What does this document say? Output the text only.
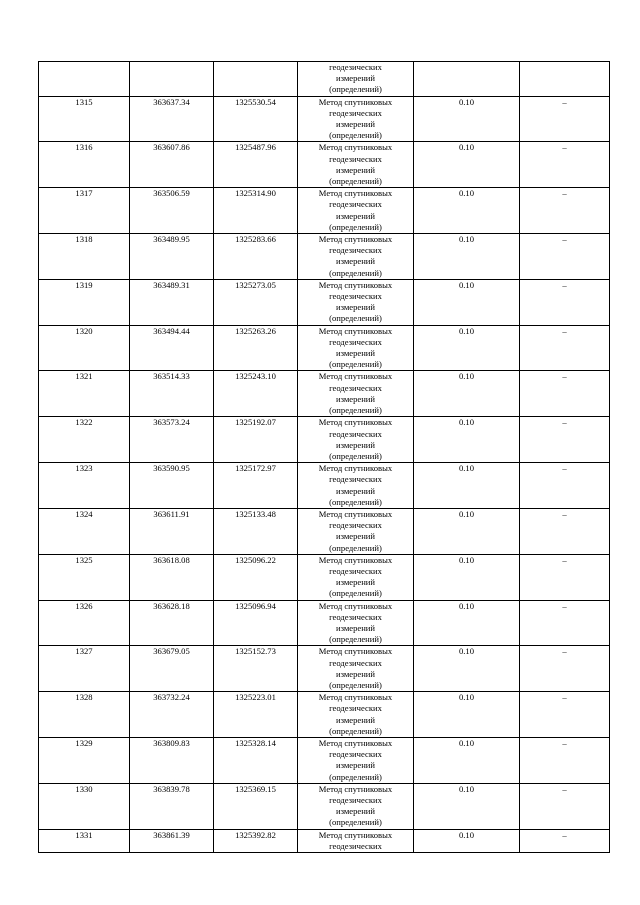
			геодезических
измерений
(определений)		
1315	363637.34	1325530.54	Метод спутниковых
геодезических
измерений
(определений)	0.10	–
1316	363607.86	1325487.96	Метод спутниковых
геодезических
измерений
(определений)	0.10	–
1317	363506.59	1325314.90	Метод спутниковых
геодезических
измерений
(определений)	0.10	–
1318	363489.95	1325283.66	Метод спутниковых
геодезических
измерений
(определений)	0.10	–
1319	363489.31	1325273.05	Метод спутниковых
геодезических
измерений
(определений)	0.10	–
1320	363494.44	1325263.26	Метод спутниковых
геодезических
измерений
(определений)	0.10	–
1321	363514.33	1325243.10	Метод спутниковых
геодезических
измерений
(определений)	0.10	–
1322	363573.24	1325192.07	Метод спутниковых
геодезических
измерений
(определений)	0.10	–
1323	363590.95	1325172.97	Метод спутниковых
геодезических
измерений
(определений)	0.10	–
1324	363611.91	1325133.48	Метод спутниковых
геодезических
измерений
(определений)	0.10	–
1325	363618.08	1325096.22	Метод спутниковых
геодезических
измерений
(определений)	0.10	–
1326	363628.18	1325096.94	Метод спутниковых
геодезических
измерений
(определений)	0.10	–
1327	363679.05	1325152.73	Метод спутниковых
геодезических
измерений
(определений)	0.10	–
1328	363732.24	1325223.01	Метод спутниковых
геодезических
измерений
(определений)	0.10	–
1329	363809.83	1325328.14	Метод спутниковых
геодезических
измерений
(определений)	0.10	–
1330	363839.78	1325369.15	Метод спутниковых
геодезических
измерений
(определений)	0.10	–
1331	363861.39	1325392.82	Метод спутниковых
геодезических	0.10	–
